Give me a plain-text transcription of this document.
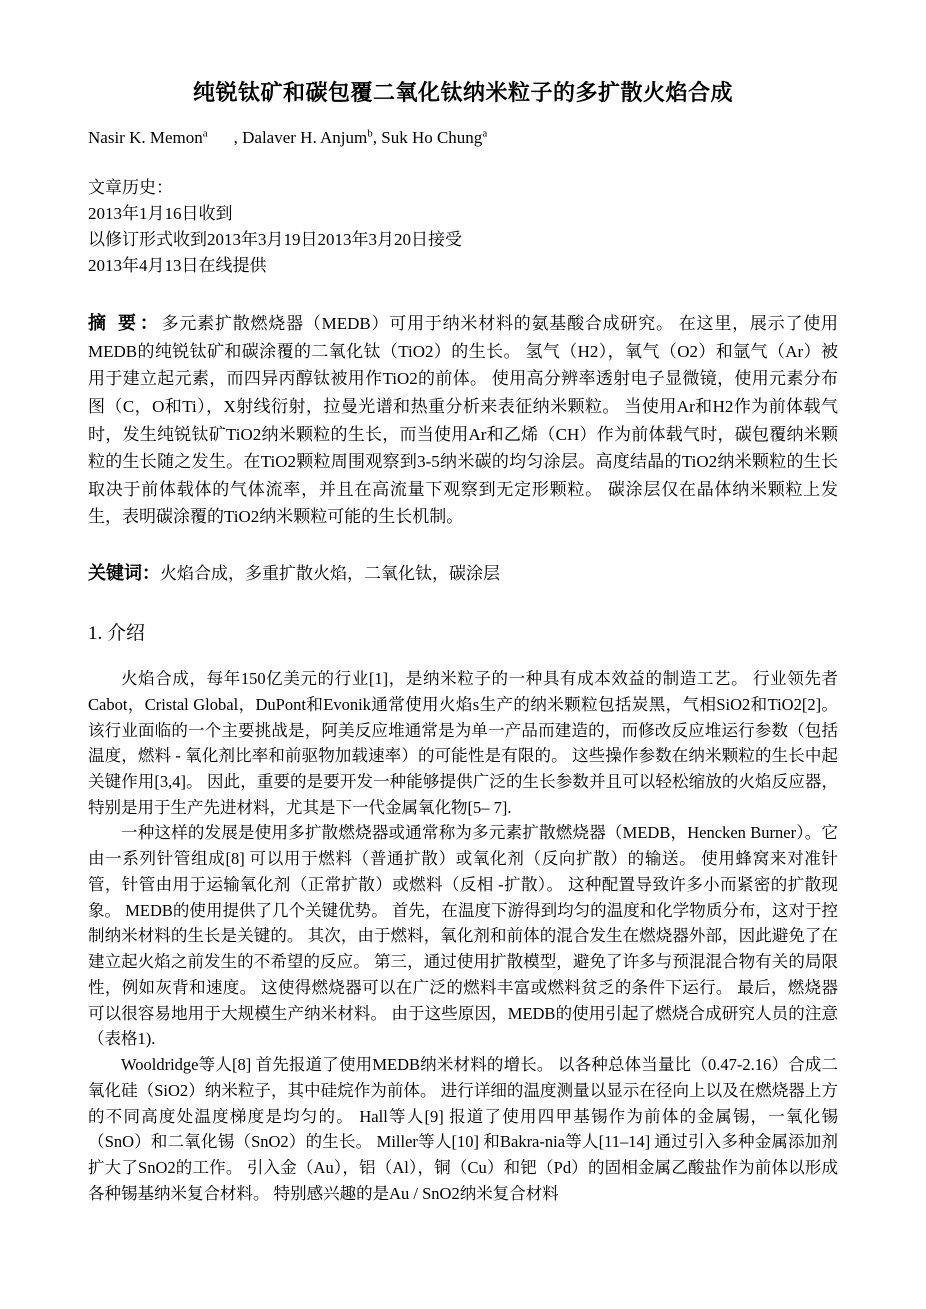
纯锐钛矿和碳包覆二氧化钛纳米粒子的多扩散火焰合成
Nasir K. Memon$^a$ , Dalaver H. Anjum$^b$, Suk Ho Chung$^a$
文章历史：
2013年1月16日收到
以修订形式收到2013年3月19日2013年3月20日接受
2013年4月13日在线提供
摘 要：多元素扩散燃烧器（MEDB）可用于纳米材料的氨基酸合成研究。 在这里，展示了使用MEDB的纯锐钛矿和碳涂覆的二氧化钛（TiO2）的生长。 氢气（H2），氧气（O2）和氩气（Ar）被用于建立起元素，而四异丙醇钛被用作TiO2的前体。 使用高分辨率透射电子显微镜，使用元素分布图（C，O和Ti），X射线衍射，拉曼光谱和热重分析来表征纳米颗粒。 当使用Ar和H2作为前体载气时，发生纯锐钛矿TiO2纳米颗粒的生长，而当使用Ar和乙烯（CH）作为前体载气时，碳包覆纳米颗粒的生长随之发生。在TiO2颗粒周围观察到3-5纳米碳的均匀涂层。高度结晶的TiO2纳米颗粒的生长取决于前体载体的气体流率，并且在高流量下观察到无定形颗粒。 碳涂层仅在晶体纳米颗粒上发生，表明碳涂覆的TiO2纳米颗粒可能的生长机制。
关键词：火焰合成，多重扩散火焰，二氧化钛，碳涂层
1. 介绍

火焰合成，每年150亿美元的行业[1]，是纳米粒子的一种具有成本效益的制造工艺。 行业领先者Cabot，Cristal Global，DuPont和Evonik通常使用火焰s生产的纳米颗粒包括炭黑，气相SiO2和TiO2[2]。 该行业面临的一个主要挑战是，阿美反应堆通常是为单一产品而建造的，而修改反应堆运行参数（包括温度，燃料 - 氧化剂比率和前驱物加载速率）的可能性是有限的。 这些操作参数在纳米颗粒的生长中起关键作用[3,4]。 因此，重要的是要开发一种能够提供广泛的生长参数并且可以轻松缩放的火焰反应器，特别是用于生产先进材料，尤其是下一代金属氧化物[5– 7].

一种这样的发展是使用多扩散燃烧器或通常称为多元素扩散燃烧器（MEDB，Hencken Burner）。它由一系列针管组成[8] 可以用于燃料（普通扩散）或氧化剂（反向扩散）的输送。 使用蜂窝来对准针管，针管由用于运输氧化剂（正常扩散）或燃料（反相 -扩散）。 这种配置导致许多小而紧密的扩散现象。 MEDB的使用提供了几个关键优势。 首先，在温度下游得到均匀的温度和化学物质分布，这对于控制纳米材料的生长是关键的。 其次，由于燃料，氧化剂和前体的混合发生在燃烧器外部，因此避免了在建立起火焰之前发生的不希望的反应。 第三，通过使用扩散模型，避免了许多与预混混合物有关的局限性，例如灰背和速度。 这使得燃烧器可以在广泛的燃料丰富或燃料贫乏的条件下运行。 最后，燃烧器可以很容易地用于大规模生产纳米材料。 由于这些原因，MEDB的使用引起了燃烧合成研究人员的注意（表格1).

Wooldridge等人[8] 首先报道了使用MEDB纳米材料的增长。 以各种总体当量比（0.47-2.16）合成二氧化硅（SiO2）纳米粒子，其中硅烷作为前体。 进行详细的温度测量以显示在径向上以及在燃烧器上方的不同高度处温度梯度是均匀的。 Hall等人[9] 报道了使用四甲基锡作为前体的金属锡，一氧化锡（SnO）和二氧化锡（SnO2）的生长。 Miller等人[10] 和Bakra-nia等人[11–14] 通过引入多种金属添加剂扩大了SnO2的工作。 引入金（Au），铝（Al），铜（Cu）和钯（Pd）的固相金属乙酸盐作为前体以形成各种锡基纳米复合材料。 特别感兴趣的是Au / SnO2纳米复合材料
